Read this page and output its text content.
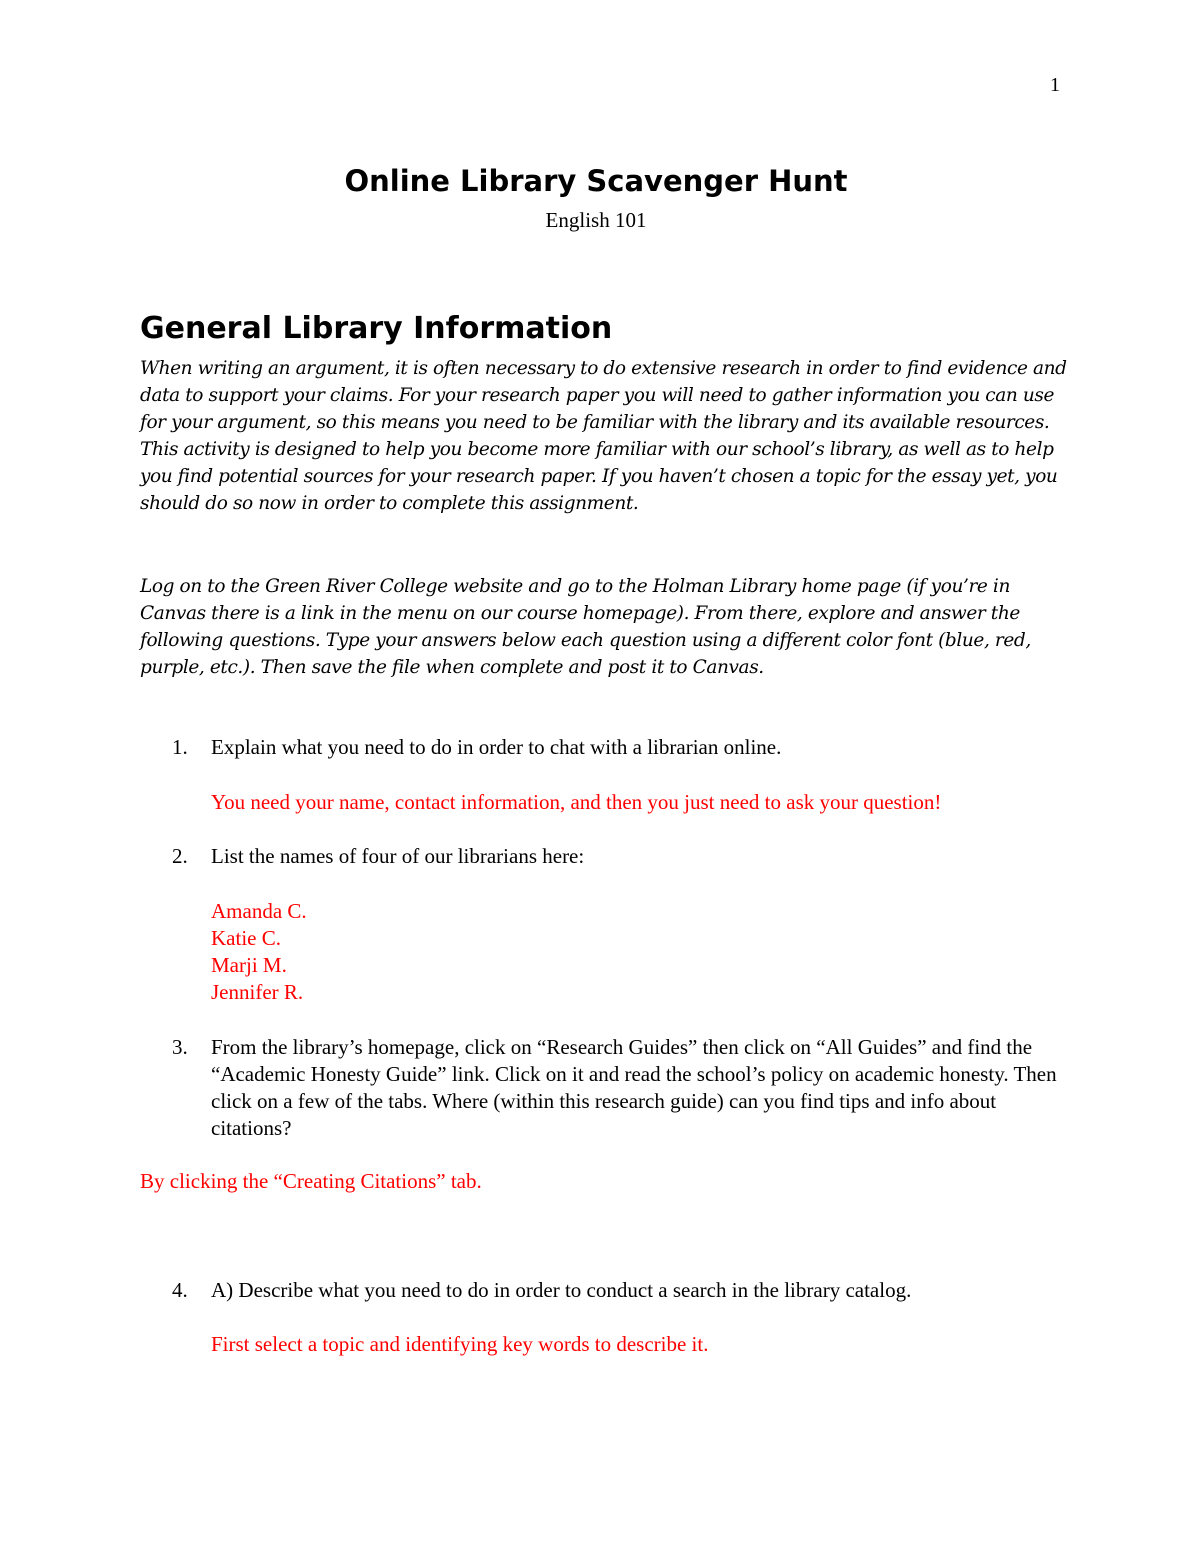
1
Online Library Scavenger Hunt
English 101
General Library Information

When writing an argument, it is often necessary to do extensive research in order to find evidence and data to support your claims. For your research paper you will need to gather information you can use for your argument, so this means you need to be familiar with the library and its available resources. This activity is designed to help you become more familiar with our school’s library, as well as to help you find potential sources for your research paper. If you haven’t chosen a topic for the essay yet, you should do so now in order to complete this assignment.

Log on to the Green River College website and go to the Holman Library home page (if you’re in Canvas there is a link in the menu on our course homepage). From there, explore and answer the following questions. Type your answers below each question using a different color font (blue, red, purple, etc.). Then save the file when complete and post it to Canvas.

1. Explain what you need to do in order to chat with a librarian online.

You need your name, contact information, and then you just need to ask your question!

2. List the names of four of our librarians here:
Amanda C.
Katie C.
Marji M.
Jennifer R.
3. From the library’s homepage, click on “Research Guides” then click on “All Guides” and find the “Academic Honesty Guide” link. Click on it and read the school’s policy on academic honesty. Then click on a few of the tabs. Where (within this research guide) can you find tips and info about citations?

By clicking the “Creating Citations” tab.

4. A) Describe what you need to do in order to conduct a search in the library catalog.

First select a topic and identifying key words to describe it.
